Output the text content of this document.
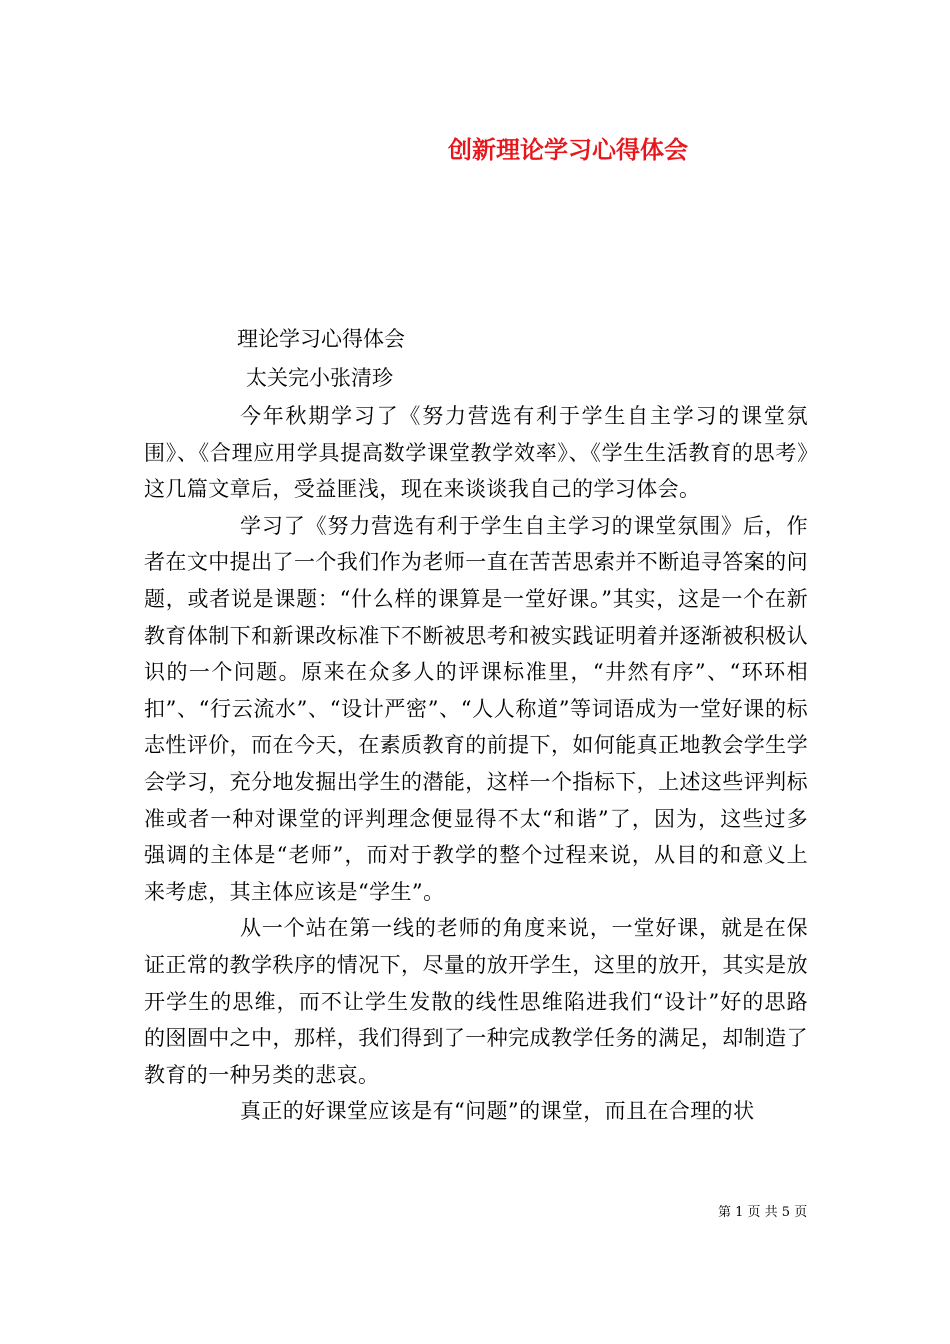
创新理论学习心得体会

理论学习心得体会

太关完小张清珍

今年秋期学习了《努力营选有利于学生自主学习的课堂氛围》、《合理应用学具提高数学课堂教学效率》、《学生生活教育的思考》这几篇文章后，受益匪浅，现在来谈谈我自己的学习体会。

学习了《努力营选有利于学生自主学习的课堂氛围》后，作者在文中提出了一个我们作为老师一直在苦苦思索并不断追寻答案的问题，或者说是课题：“什么样的课算是一堂好课。”其实，这是一个在新教育体制下和新课改标准下不断被思考和被实践证明着并逐渐被积极认识的一个问题。原来在众多人的评课标准里，“井然有序”、“环环相扣”、“行云流水”、“设计严密”、“人人称道”等词语成为一堂好课的标志性评价，而在今天，在素质教育的前提下，如何能真正地教会学生学会学习，充分地发掘出学生的潜能，这样一个指标下，上述这些评判标准或者一种对课堂的评判理念便显得不太“和谐”了，因为，这些过多强调的主体是“老师”，而对于教学的整个过程来说，从目的和意义上来考虑，其主体应该是“学生”。

从一个站在第一线的老师的角度来说，一堂好课，就是在保证正常的教学秩序的情况下，尽量的放开学生，这里的放开，其实是放开学生的思维，而不让学生发散的线性思维陷进我们“设计”好的思路的囹圄中之中，那样，我们得到了一种完成教学任务的满足，却制造了教育的一种另类的悲哀。

真正的好课堂应该是有“问题”的课堂，而且在合理的状

第 1 页 共 5 页
